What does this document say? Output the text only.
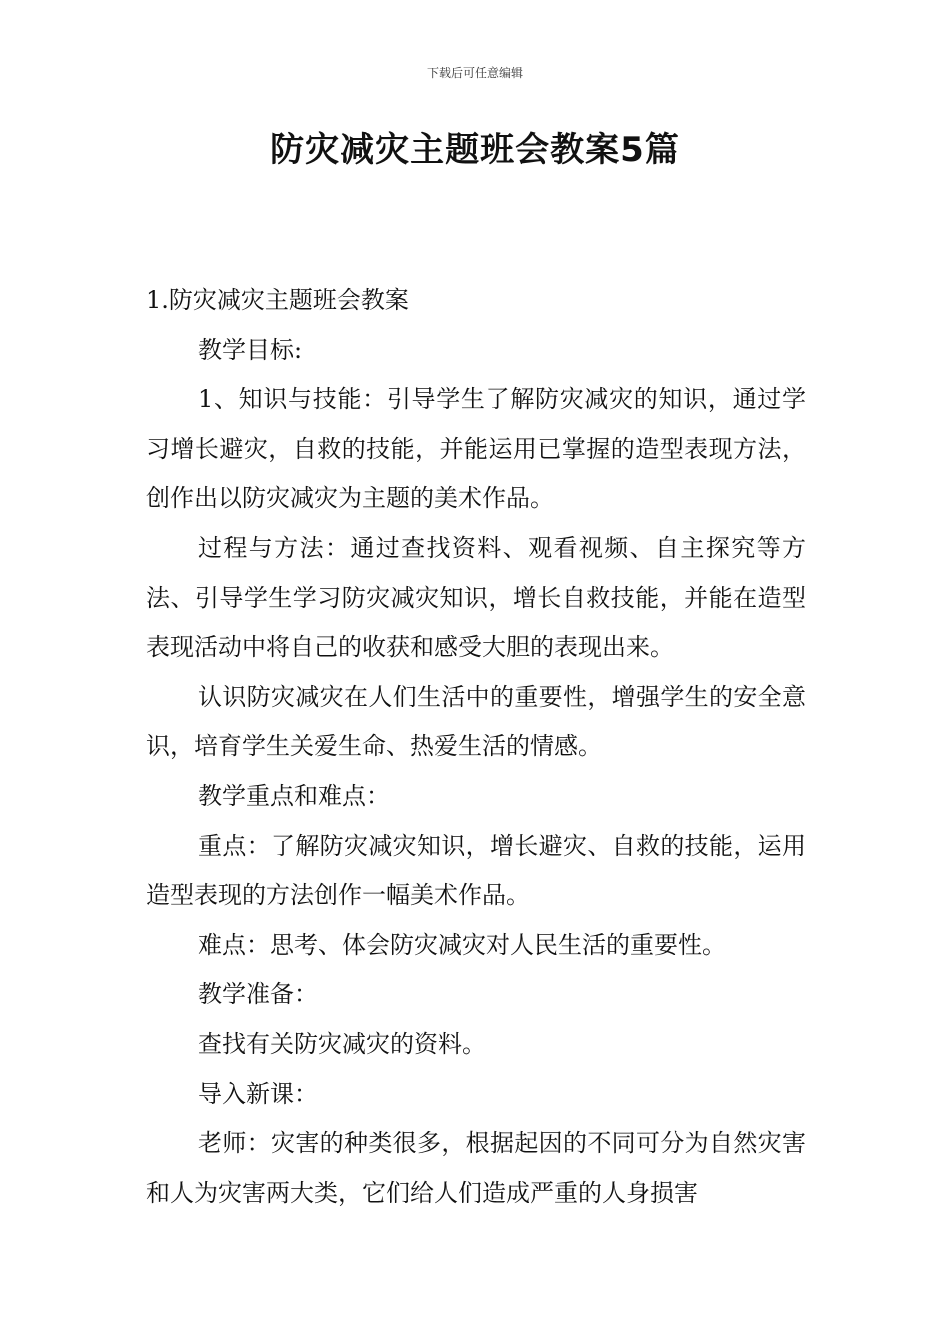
下载后可任意编辑
防灾减灾主题班会教案5篇

1.防灾减灾主题班会教案

教学目标:

1、知识与技能：引导学生了解防灾减灾的知识，通过学习增长避灾，自救的技能，并能运用已掌握的造型表现方法，创作出以防灾减灾为主题的美术作品。

过程与方法：通过查找资料、观看视频、自主探究等方法、引导学生学习防灾减灾知识，增长自救技能，并能在造型表现活动中将自己的收获和感受大胆的表现出来。

认识防灾减灾在人们生活中的重要性，增强学生的安全意识，培育学生关爱生命、热爱生活的情感。

教学重点和难点：

重点：了解防灾减灾知识，增长避灾、自救的技能，运用造型表现的方法创作一幅美术作品。

难点：思考、体会防灾减灾对人民生活的重要性。

教学准备：

查找有关防灾减灾的资料。

导入新课：

老师：灾害的种类很多，根据起因的不同可分为自然灾害和人为灾害两大类，它们给人们造成严重的人身损害
